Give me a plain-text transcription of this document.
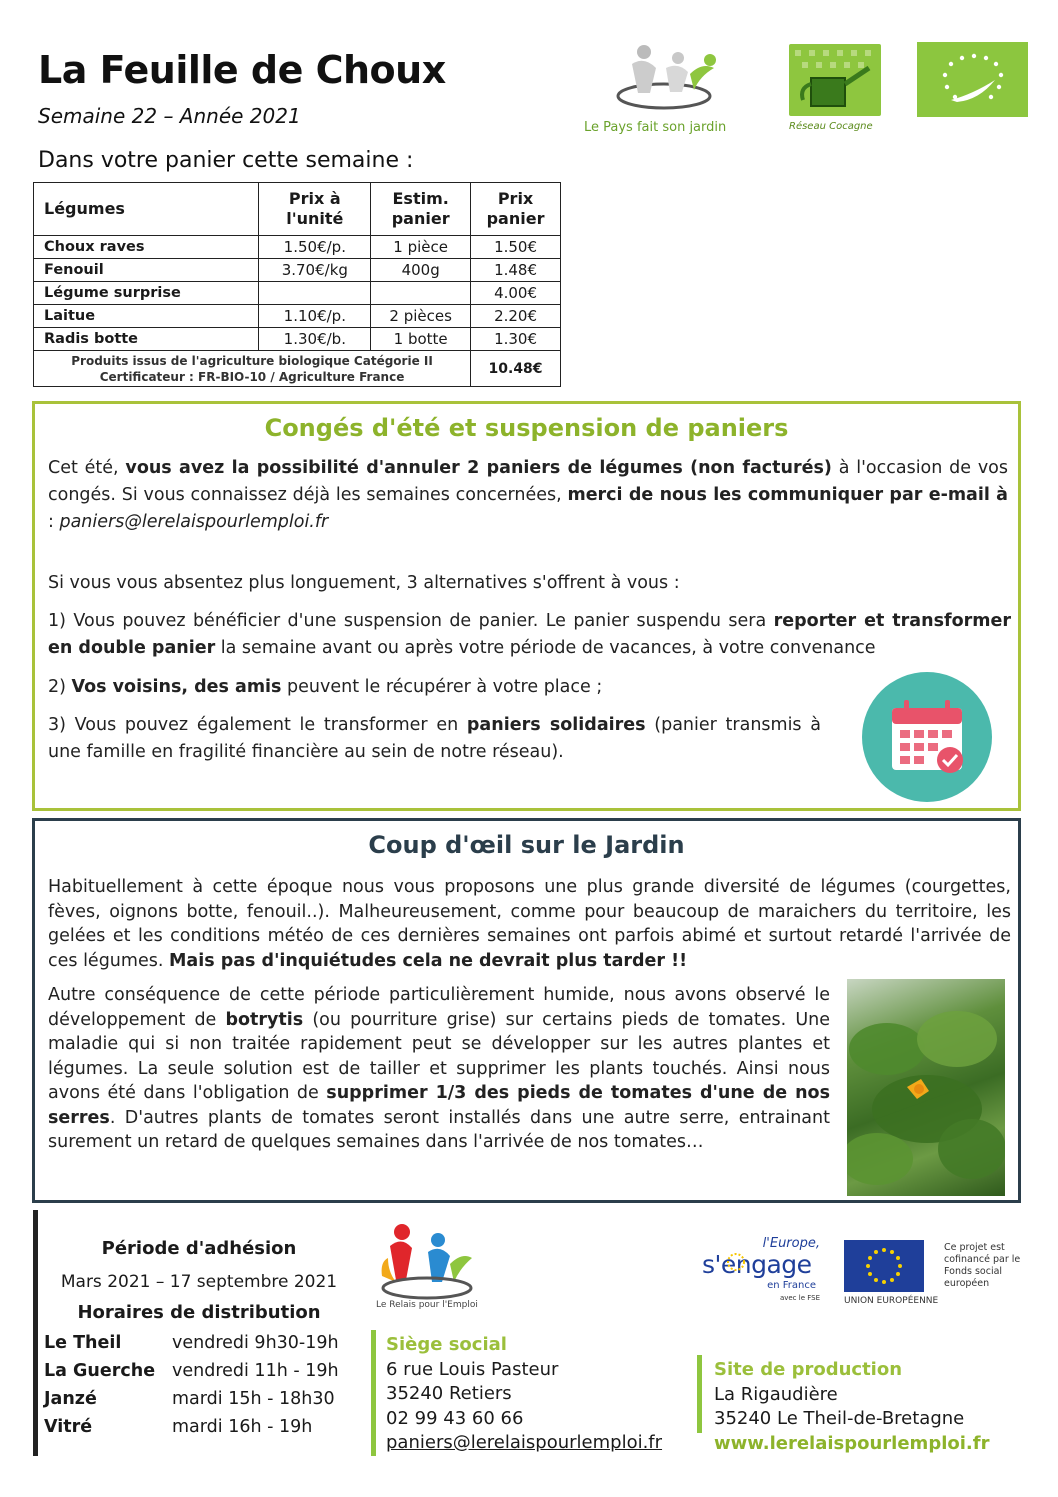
La Feuille de Choux
Semaine 22 – Année 2021
Dans votre panier cette semaine :
Le Pays fait son jardin	Réseau Cocagne
Légumes	Prix à l'unité	Estim. panier	Prix panier
Choux raves	1.50€/p.	1 pièce	1.50€
Fenouil	3.70€/kg	400g	1.48€
Légume surprise			4.00€
Laitue	1.10€/p.	2 pièces	2.20€
Radis botte	1.30€/b.	1 botte	1.30€

Produits issus de l'agriculture biologique Catégorie II
Certificateur : FR-BIO-10 / Agriculture France			10.48€
Congés d'été et suspension de paniers

Cet été, vous avez la possibilité d'annuler 2 paniers de légumes (non facturés) à l'occasion de vos congés. Si vous connaissez déjà les semaines concernées, merci de nous les communiquer par e-mail à : paniers@lerelaispourlemploi.fr

Si vous vous absentez plus longuement, 3 alternatives s'offrent à vous :

1) Vous pouvez bénéficier d'une suspension de panier. Le panier suspendu sera reporter et transformer en double panier la semaine avant ou après votre période de vacances, à votre convenance

2) Vos voisins, des amis peuvent le récupérer à votre place ;

3) Vous pouvez également le transformer en paniers solidaires (panier transmis à une famille en fragilité financière au sein de notre réseau).

Coup d'œil sur le Jardin

Habituellement à cette époque nous vous proposons une plus grande diversité de légumes (courgettes, fèves, oignons botte, fenouil..). Malheureusement, comme pour beaucoup de maraichers du territoire, les gelées et les conditions météo de ces dernières semaines ont parfois abimé et surtout retardé l'arrivée de ces légumes. Mais pas d'inquiétudes cela ne devrait plus tarder !!

Autre conséquence de cette période particulièrement humide, nous avons observé le développement de botrytis (ou pourriture grise) sur certains pieds de tomates. Une maladie qui si non traitée rapidement peut se développer sur les autres plantes et légumes. La seule solution est de tailler et supprimer les plants touchés. Ainsi nous avons été dans l'obligation de supprimer 1/3 des pieds de tomates d'une de nos serres. D'autres plants de tomates seront installés dans une autre serre, entrainant surement un retard de quelques semaines dans l'arrivée de nos tomates…

Période d'adhésion
Mars 2021 – 17 septembre 2021
Horaires de distribution
Le Theil	vendredi 9h30-19h
La Guerche vendredi 11h - 19h
Janzé	mardi 15h - 18h30
Vitré	mardi 16h - 19h
Le Relais pour l'Emploi
Siège social
6 rue Louis Pasteur
35240 Retiers
02 99 43 60 66
paniers@lerelaispourlemploi.fr
l'Europe,
s'engage
en France
avec le FSE	UNION EUROPÉENNE
Ce projet est cofinancé par le Fonds social européen
Site de production
La Rigaudière
35240 Le Theil-de-Bretagne
www.lerelaispourlemploi.fr
